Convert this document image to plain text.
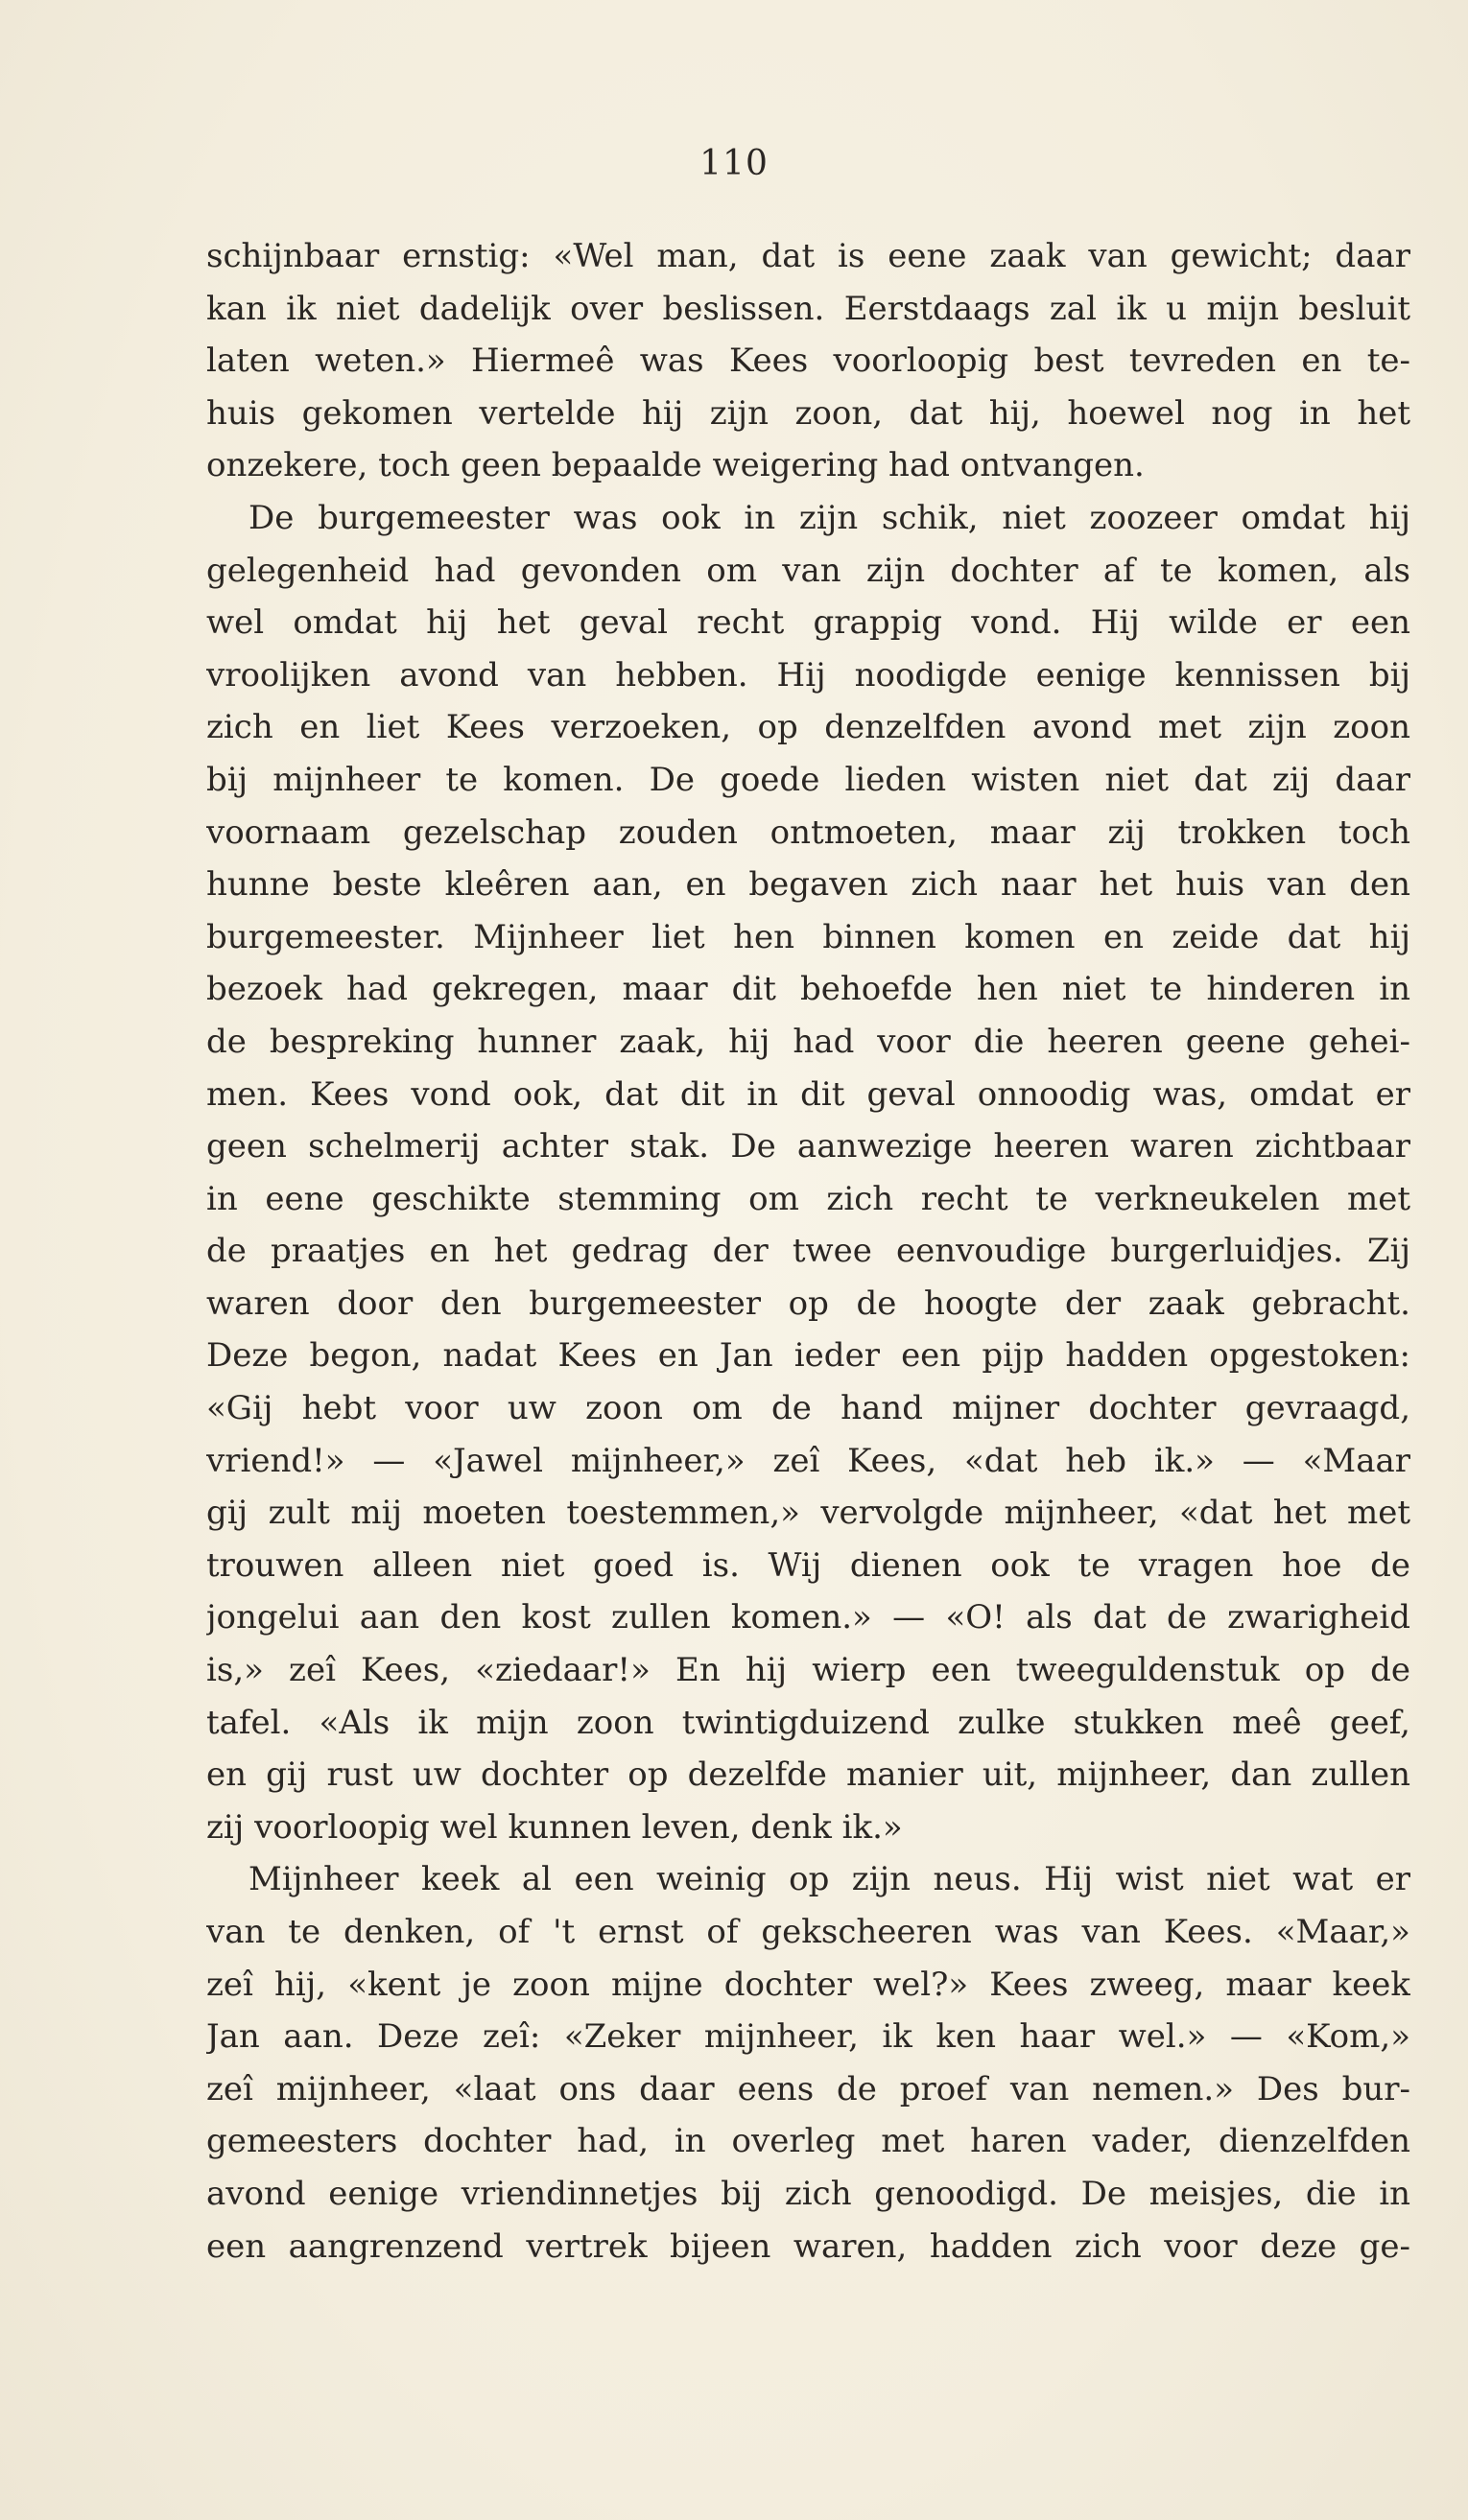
110
schijnbaar ernstig: «Wel man, dat is eene zaak van gewicht; daar
kan ik niet dadelijk over beslissen. Eerstdaags zal ik u mijn besluit
laten weten.» Hiermeê was Kees voorloopig best tevreden en te-
huis gekomen vertelde hij zijn zoon, dat hij, hoewel nog in het
onzekere, toch geen bepaalde weigering had ontvangen.
De burgemeester was ook in zijn schik, niet zoozeer omdat hij
gelegenheid had gevonden om van zijn dochter af te komen, als
wel omdat hij het geval recht grappig vond. Hij wilde er een
vroolijken avond van hebben. Hij noodigde eenige kennissen bij
zich en liet Kees verzoeken, op denzelfden avond met zijn zoon
bij mijnheer te komen. De goede lieden wisten niet dat zij daar
voornaam gezelschap zouden ontmoeten, maar zij trokken toch
hunne beste kleêren aan, en begaven zich naar het huis van den
burgemeester. Mijnheer liet hen binnen komen en zeide dat hij
bezoek had gekregen, maar dit behoefde hen niet te hinderen in
de bespreking hunner zaak, hij had voor die heeren geene gehei-
men. Kees vond ook, dat dit in dit geval onnoodig was, omdat er
geen schelmerij achter stak. De aanwezige heeren waren zichtbaar
in eene geschikte stemming om zich recht te verkneukelen met
de praatjes en het gedrag der twee eenvoudige burgerluidjes. Zij
waren door den burgemeester op de hoogte der zaak gebracht.
Deze begon, nadat Kees en Jan ieder een pijp hadden opgestoken:
«Gij hebt voor uw zoon om de hand mijner dochter gevraagd,
vriend!» — «Jawel mijnheer,» zeî Kees, «dat heb ik.» — «Maar
gij zult mij moeten toestemmen,» vervolgde mijnheer, «dat het met
trouwen alleen niet goed is. Wij dienen ook te vragen hoe de
jongelui aan den kost zullen komen.» — «O! als dat de zwarigheid
is,» zeî Kees, «ziedaar!» En hij wierp een tweeguldenstuk op de
tafel. «Als ik mijn zoon twintigduizend zulke stukken meê geef,
en gij rust uw dochter op dezelfde manier uit, mijnheer, dan zullen
zij voorloopig wel kunnen leven, denk ik.»
Mijnheer keek al een weinig op zijn neus. Hij wist niet wat er
van te denken, of 't ernst of gekscheeren was van Kees. «Maar,»
zeî hij, «kent je zoon mijne dochter wel?» Kees zweeg, maar keek
Jan aan. Deze zeî: «Zeker mijnheer, ik ken haar wel.» — «Kom,»
zeî mijnheer, «laat ons daar eens de proef van nemen.» Des bur-
gemeesters dochter had, in overleg met haren vader, dienzelfden
avond eenige vriendinnetjes bij zich genoodigd. De meisjes, die in
een aangrenzend vertrek bijeen waren, hadden zich voor deze ge-
